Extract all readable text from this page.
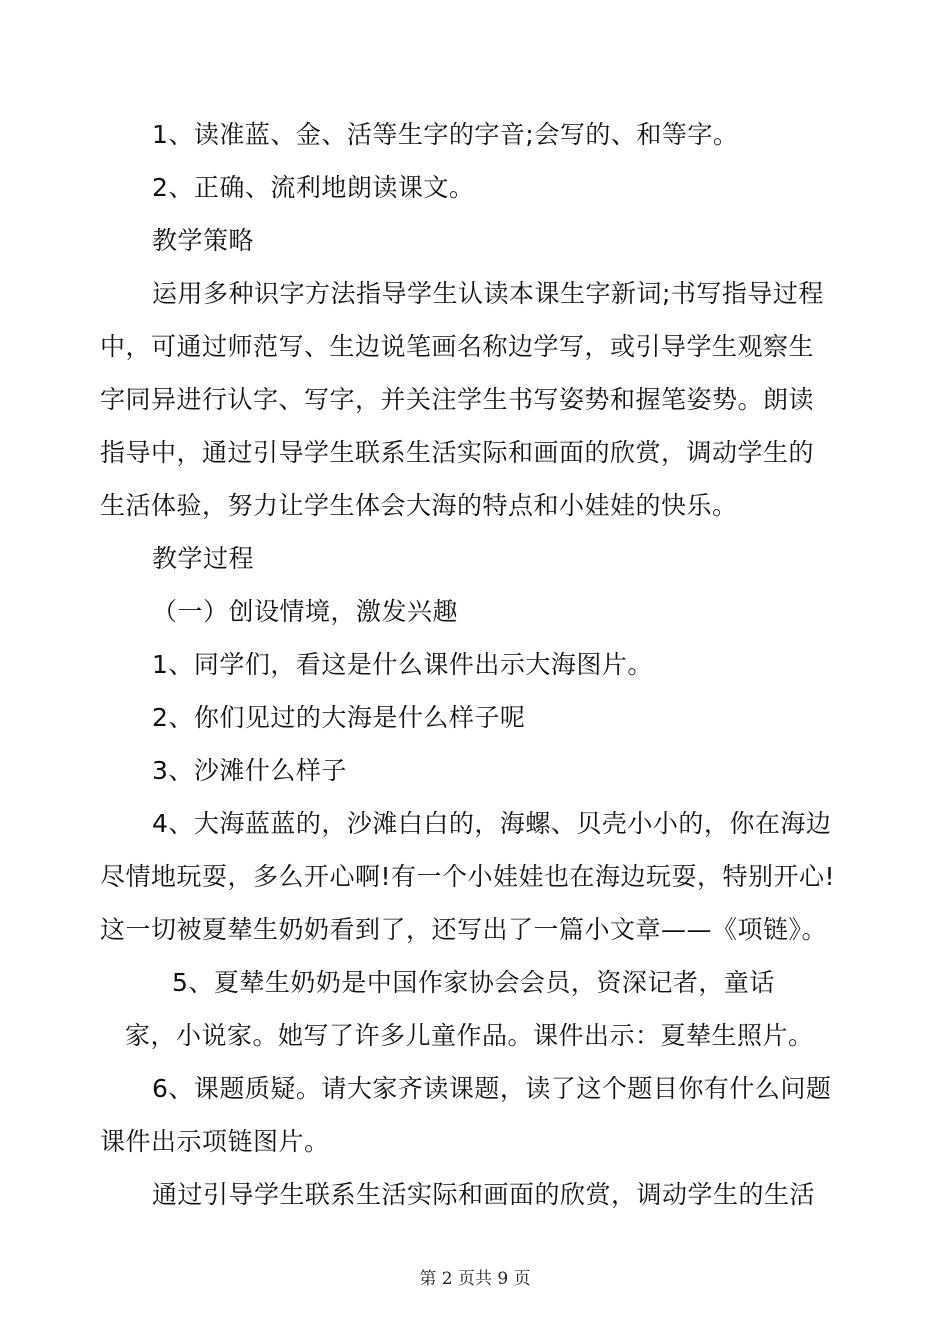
1、读准蓝、金、活等生字的字音;会写的、和等字。
2、正确、流利地朗读课文。
教学策略
运用多种识字方法指导学生认读本课生字新词;书写指导过程
中，可通过师范写、生边说笔画名称边学写，或引导学生观察生
字同异进行认字、写字，并关注学生书写姿势和握笔姿势。朗读
指导中，通过引导学生联系生活实际和画面的欣赏，调动学生的
生活体验，努力让学生体会大海的特点和小娃娃的快乐。
教学过程
（一）创设情境，激发兴趣
1、同学们，看这是什么课件出示大海图片。
2、你们见过的大海是什么样子呢
3、沙滩什么样子
4、大海蓝蓝的，沙滩白白的，海螺、贝壳小小的，你在海边
尽情地玩耍，多么开心啊!有一个小娃娃也在海边玩耍，特别开心!
这一切被夏辇生奶奶看到了，还写出了一篇小文章——《项链》。
5、夏辇生奶奶是中国作家协会会员，资深记者，童话
家，小说家。她写了许多儿童作品。课件出示：夏辇生照片。
6、课题质疑。请大家齐读课题，读了这个题目你有什么问题
课件出示项链图片。
通过引导学生联系生活实际和画面的欣赏，调动学生的生活
第 2 页共 9 页
